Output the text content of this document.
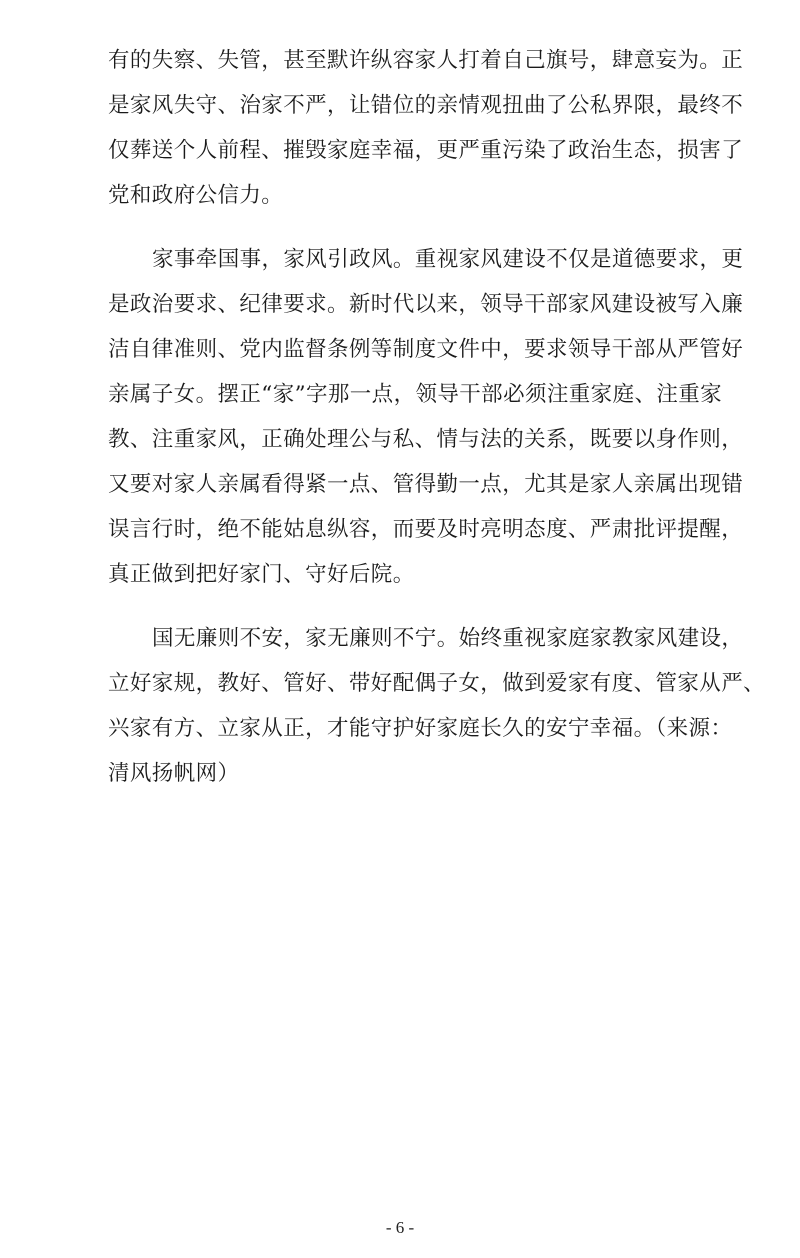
有的失察、失管，甚至默许纵容家人打着自己旗号，肆意妄为。正
是家风失守、治家不严，让错位的亲情观扭曲了公私界限，最终不
仅葬送个人前程、摧毁家庭幸福，更严重污染了政治生态，损害了
党和政府公信力。

家事牵国事，家风引政风。重视家风建设不仅是道德要求，更
是政治要求、纪律要求。新时代以来，领导干部家风建设被写入廉
洁自律准则、党内监督条例等制度文件中，要求领导干部从严管好
亲属子女。摆正“家”字那一点，领导干部必须注重家庭、注重家
教、注重家风，正确处理公与私、情与法的关系，既要以身作则，
又要对家人亲属看得紧一点、管得勤一点，尤其是家人亲属出现错
误言行时，绝不能姑息纵容，而要及时亮明态度、严肃批评提醒，
真正做到把好家门、守好后院。

国无廉则不安，家无廉则不宁。始终重视家庭家教家风建设，
立好家规，教好、管好、带好配偶子女，做到爱家有度、管家从严、
兴家有方、立家从正，才能守护好家庭长久的安宁幸福。（来源：
清风扬帆网）

- 6 -
